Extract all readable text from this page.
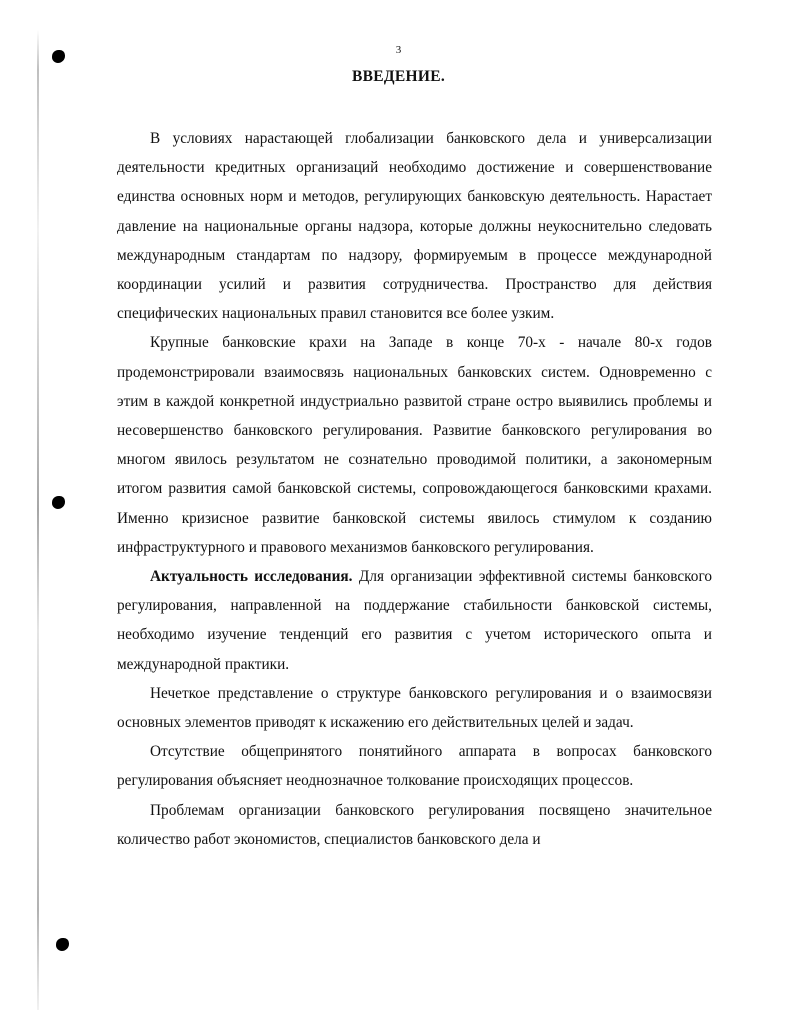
3
ВВЕДЕНИЕ.

В условиях нарастающей глобализации банковского дела и универсализации деятельности кредитных организаций необходимо достижение и совершенствование единства основных норм и методов, регулирующих банковскую деятельность. Нарастает давление на национальные органы надзора, которые должны неукоснительно следовать международным стандартам по надзору, формируемым в процессе международной координации усилий и развития сотрудничества. Пространство для действия специфических национальных правил становится все более узким.

Крупные банковские крахи на Западе в конце 70-х - начале 80-х годов продемонстрировали взаимосвязь национальных банковских систем. Одновременно с этим в каждой конкретной индустриально развитой стране остро выявились проблемы и несовершенство банковского регулирования. Развитие банковского регулирования во многом явилось результатом не сознательно проводимой политики, а закономерным итогом развития самой банковской системы, сопровождающегося банковскими крахами. Именно кризисное развитие банковской системы явилось стимулом к созданию инфраструктурного и правового механизмов банковского регулирования.

Актуальность исследования. Для организации эффективной системы банковского регулирования, направленной на поддержание стабильности банковской системы, необходимо изучение тенденций его развития с учетом исторического опыта и международной практики.

Нечеткое представление о структуре банковского регулирования и о взаимосвязи основных элементов приводят к искажению его действительных целей и задач.

Отсутствие общепринятого понятийного аппарата в вопросах банковского регулирования объясняет неоднозначное толкование происходящих процессов.

Проблемам организации банковского регулирования посвящено значительное количество работ экономистов, специалистов банковского дела и
